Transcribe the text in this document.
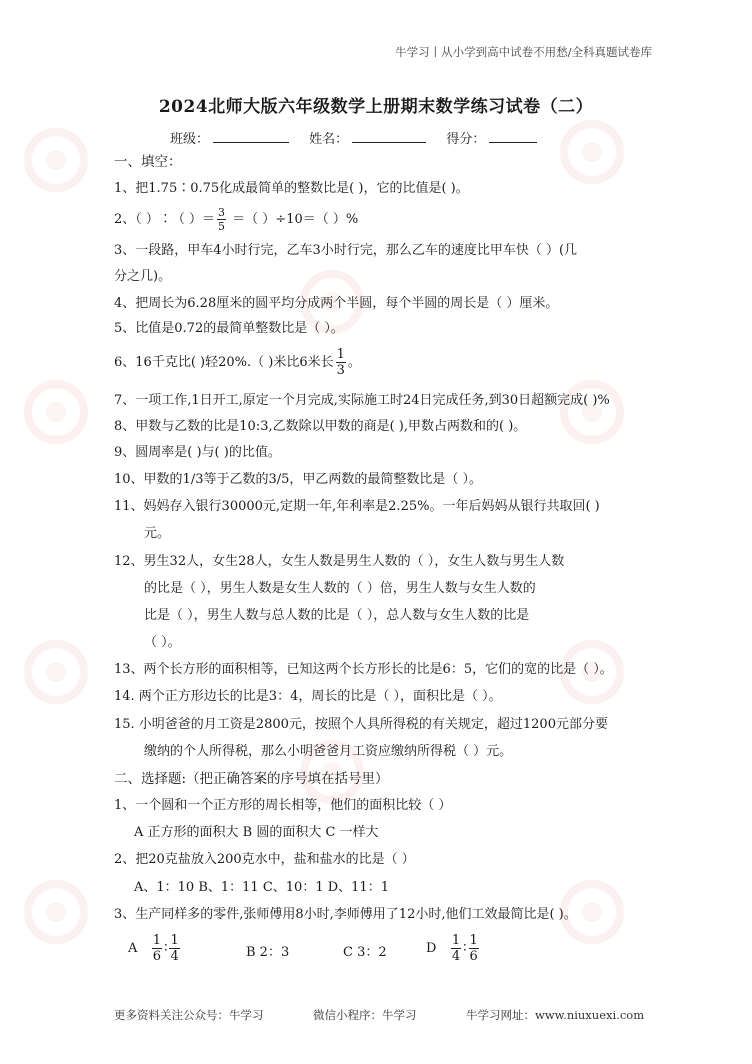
牛学习丨从小学到高中试卷不用愁/全科真题试卷库
2024北师大版六年级数学上册期末数学练习试卷（二）
班级：	姓名：	得分：
一、填空：
1、把1.75∶0.75化成最简单的整数比是( )，它的比值是( )。
2、（ ）∶（ ）＝ $\frac{3}{5}$ ＝（ ）÷10＝（ ）%
3、一段路，甲车4小时行完，乙车3小时行完，那么乙车的速度比甲车快（ ）(几
分之几)。
4、把周长为6.28厘米的圆平均分成两个半圆，每个半圆的周长是（ ）厘米。
5、比值是0.72的最简单整数比是（ ）。
6、16千克比( )轻20%.（ )米比6米长 $\frac{1}{3}$ 。
7、一项工作,1日开工,原定一个月完成,实际施工时24日完成任务,到30日超额完成( )%
8、甲数与乙数的比是10:3,乙数除以甲数的商是( ),甲数占两数和的( )。
9、圆周率是( )与( )的比值。
10、甲数的1/3等于乙数的3/5，甲乙两数的最简整数比是（ ）。
11、妈妈存入银行30000元,定期一年,年利率是2.25%。一年后妈妈从银行共取回( )
元。
12、男生32人，女生28人，女生人数是男生人数的（ ），女生人数与男生人数
的比是（ ），男生人数是女生人数的（ ）倍，男生人数与女生人数的
比是（ ），男生人数与总人数的比是（ ），总人数与女生人数的比是
（ ）。
13、两个长方形的面积相等，已知这两个长方形长的比是6：5，它们的宽的比是（ ）。
14. 两个正方形边长的比是3：4，周长的比是（ ），面积比是（ ）。
15. 小明爸爸的月工资是2800元，按照个人具所得税的有关规定，超过1200元部分要
缴纳的个人所得税，那么小明爸爸月工资应缴纳所得税（ ）元。
二、选择题:（把正确答案的序号填在括号里）
1、一个圆和一个正方形的周长相等，他们的面积比较（ ）
A 正方形的面积大 B 圆的面积大 C 一样大
2、把20克盐放入200克水中，盐和盐水的比是（ ）
A、1：10 B、1：11 C、10：1 D、11：1
3、生产同样多的零件,张师傅用8小时,李师傅用了12小时,他们工效最简比是( )。
A $\frac{1}{6}$ ∶ $\frac{1}{4}$	B 2：3	C 3：2	D $\frac{1}{4}$ ∶ $\frac{1}{6}$
更多资料关注公众号：牛学习	微信小程序：牛学习	牛学习网址：www.niuxuexi.com
